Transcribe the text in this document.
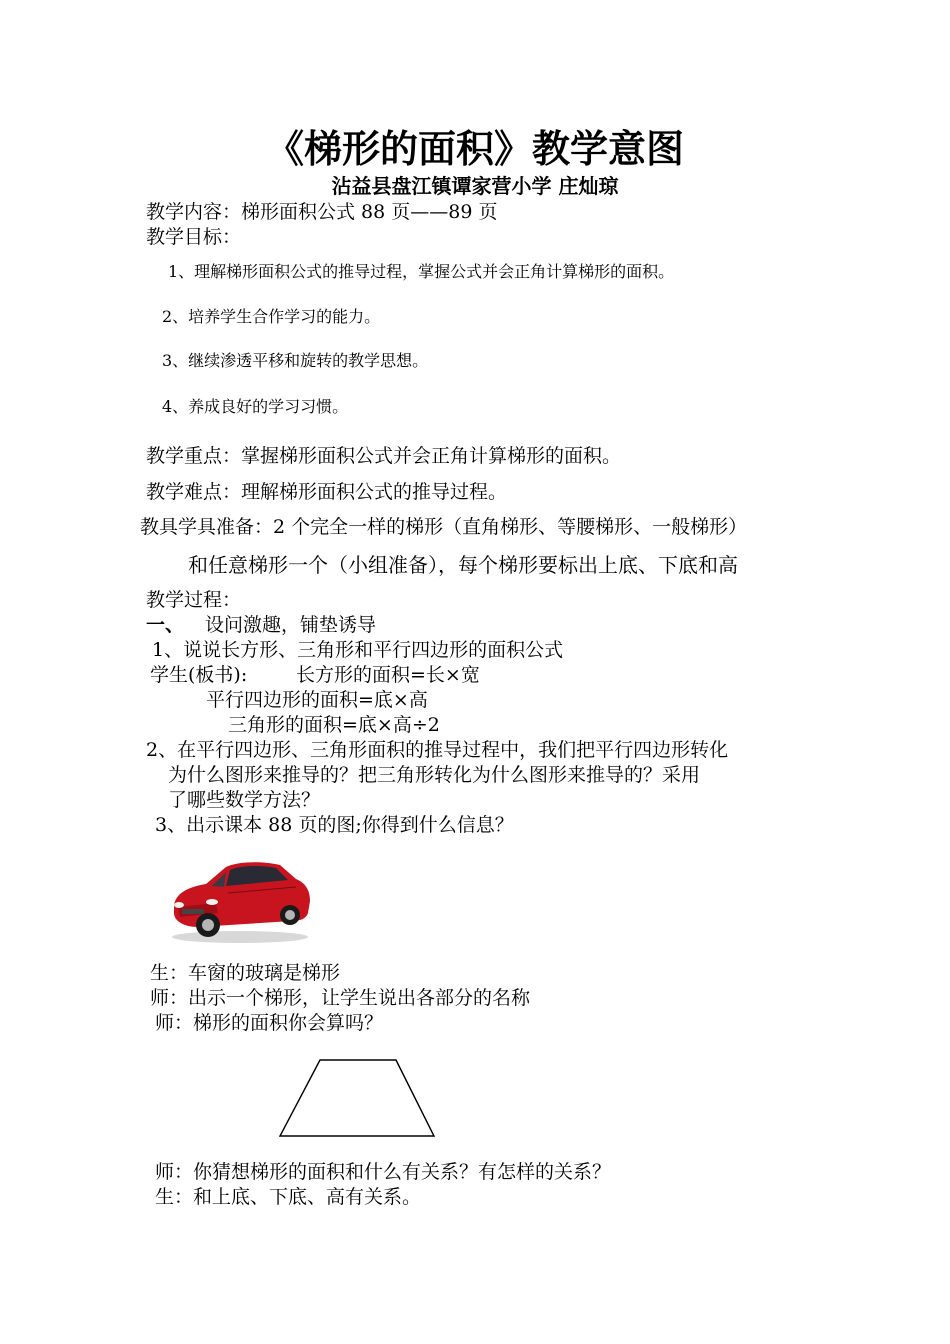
《梯形的面积》教学意图
沾益县盘江镇谭家营小学 庄灿琼
教学内容：梯形面积公式 88 页——89 页
教学目标：
1、理解梯形面积公式的推导过程，掌握公式并会正角计算梯形的面积。
2、培养学生合作学习的能力。
3、继续渗透平移和旋转的教学思想。
4、养成良好的学习习惯。
教学重点：掌握梯形面积公式并会正角计算梯形的面积。
教学难点：理解梯形面积公式的推导过程。
教具学具准备：2 个完全一样的梯形（直角梯形、等腰梯形、一般梯形）
和任意梯形一个（小组准备），每个梯形要标出上底、下底和高
教学过程：
一、 设问激趣，铺垫诱导
1、说说长方形、三角形和平行四边形的面积公式
学生(板书):	长方形的面积=长×宽
平行四边形的面积=底×高
三角形的面积=底×高÷2
2、在平行四边形、三角形面积的推导过程中，我们把平行四边形转化
为什么图形来推导的？把三角形转化为什么图形来推导的？采用
了哪些数学方法？
3、出示课本 88 页的图;你得到什么信息？
生：车窗的玻璃是梯形
师：出示一个梯形，让学生说出各部分的名称
师：梯形的面积你会算吗？
师：你猜想梯形的面积和什么有关系？有怎样的关系？
生：和上底、下底、高有关系。
